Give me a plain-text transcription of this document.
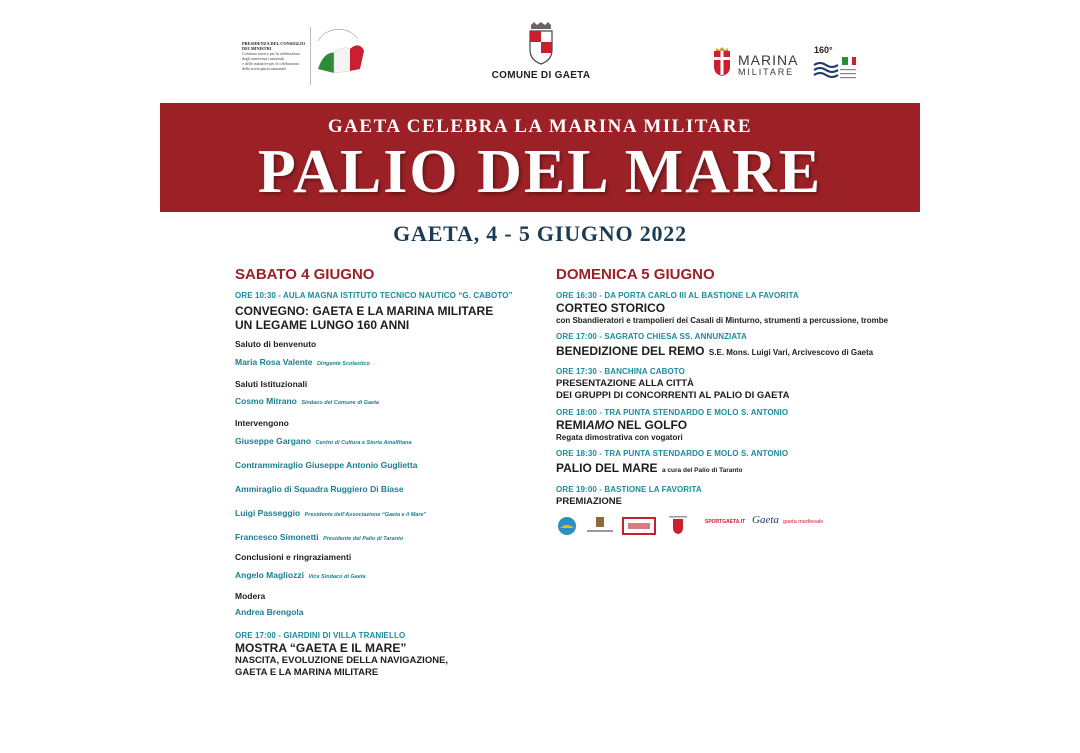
PRESIDENZA DEL CONSIGLIO
DEI MINISTRI
Comitato storico per la celebrazione
degli anniversari nazionali
e delle iniziative per le celebrazioni
della storia patria nazionale
COMUNE DI GAETA
MARINA
MILITARE
160°
GAETA CELEBRA LA MARINA MILITARE
PALIO DEL MARE
GAETA, 4 - 5 GIUGNO 2022
SABATO 4 GIUGNO
ORE 10:30 - AULA MAGNA ISTITUTO TECNICO NAUTICO “G. CABOTO”
CONVEGNO: GAETA E LA MARINA MILITARE
UN LEGAME LUNGO 160 ANNI
Saluto di benvenuto
Maria Rosa Valente Dirigente Scolastico
Saluti Istituzionali
Cosmo Mitrano Sindaco del Comune di Gaeta
Intervengono
Giuseppe Gargano Centro di Cultura e Storia Amalfitana
Contrammiraglio Giuseppe Antonio Guglietta
Ammiraglio di Squadra Ruggiero Di Biase
Luigi Passeggio Presidente dell’Associazione “Gaeta e il Mare”
Francesco Simonetti Presidente del Palio di Taranto
Conclusioni e ringraziamenti
Angelo Magliozzi Vice Sindaco di Gaeta
Modera
Andrea Brengola
ORE 17:00 - GIARDINI DI VILLA TRANIELLO
MOSTRA “GAETA E IL MARE”
NASCITA, EVOLUZIONE DELLA NAVIGAZIONE,
GAETA E LA MARINA MILITARE
DOMENICA 5 GIUGNO
ORE 16:30 - DA PORTA CARLO III AL BASTIONE LA FAVORITA
CORTEO STORICO
con Sbandieratori e trampolieri dei Casali di Minturno, strumenti a percussione, trombe
ORE 17:00 - SAGRATO CHIESA SS. ANNUNZIATA
BENEDIZIONE DEL REMO S.E. Mons. Luigi Vari, Arcivescovo di Gaeta
ORE 17:30 - BANCHINA CABOTO
PRESENTAZIONE ALLA CITTÀ
DEI GRUPPI DI CONCORRENTI AL PALIO DI GAETA
ORE 18:00 - TRA PUNTA STENDARDO E MOLO S. ANTONIO
REMIAMO NEL GOLFO
Regata dimostrativa con vogatori
ORE 18:30 - TRA PUNTA STENDARDO E MOLO S. ANTONIO
PALIO DEL MARE a cura del Palio di Taranto
ORE 19:00 - BASTIONE LA FAVORITA
PREMIAZIONE
SPORTGAETA.IT Gaeta gaeta medievale
